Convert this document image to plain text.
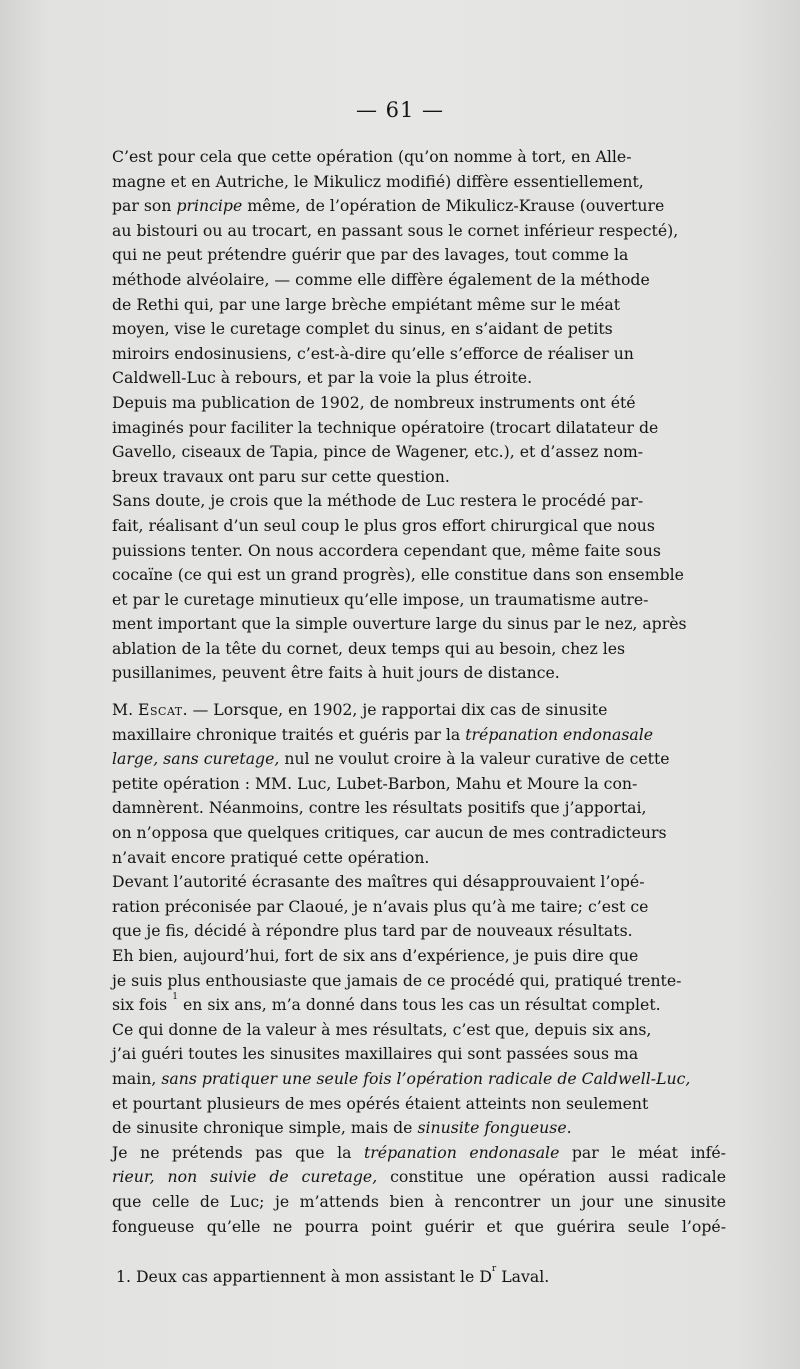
— 61 —

C’est pour cela que cette opération (qu’on nomme à tort, en Alle-
magne et en Autriche, le Mikulicz modifié) diffère essentiellement,
par son principe même, de l’opération de Mikulicz-Krause (ouverture
au bistouri ou au trocart, en passant sous le cornet inférieur respecté),
qui ne peut prétendre guérir que par des lavages, tout comme la
méthode alvéolaire, — comme elle diffère également de la méthode
de Rethi qui, par une large brèche empiétant même sur le méat
moyen, vise le curetage complet du sinus, en s’aidant de petits
miroirs endosinusiens, c’est-à-dire qu’elle s’efforce de réaliser un
Caldwell-Luc à rebours, et par la voie la plus étroite.

Depuis ma publication de 1902, de nombreux instruments ont été
imaginés pour faciliter la technique opératoire (trocart dilatateur de
Gavello, ciseaux de Tapia, pince de Wagener, etc.), et d’assez nom-
breux travaux ont paru sur cette question.

Sans doute, je crois que la méthode de Luc restera le procédé par-
fait, réalisant d’un seul coup le plus gros effort chirurgical que nous
puissions tenter. On nous accordera cependant que, même faite sous
cocaïne (ce qui est un grand progrès), elle constitue dans son ensemble
et par le curetage minutieux qu’elle impose, un traumatisme autre-
ment important que la simple ouverture large du sinus par le nez, après
ablation de la tête du cornet, deux temps qui au besoin, chez les
pusillanimes, peuvent être faits à huit jours de distance.

M. Escat. — Lorsque, en 1902, je rapportai dix cas de sinusite
maxillaire chronique traités et guéris par la trépanation endonasale
large, sans curetage, nul ne voulut croire à la valeur curative de cette
petite opération : MM. Luc, Lubet-Barbon, Mahu et Moure la con-
damnèrent. Néanmoins, contre les résultats positifs que j’apportai,
on n’opposa que quelques critiques, car aucun de mes contradicteurs
n’avait encore pratiqué cette opération.

Devant l’autorité écrasante des maîtres qui désapprouvaient l’opé-
ration préconisée par Claoué, je n’avais plus qu’à me taire; c’est ce
que je fis, décidé à répondre plus tard par de nouveaux résultats.

Eh bien, aujourd’hui, fort de six ans d’expérience, je puis dire que
je suis plus enthousiaste que jamais de ce procédé qui, pratiqué trente-
six fois $^1$ en six ans, m’a donné dans tous les cas un résultat complet.

Ce qui donne de la valeur à mes résultats, c’est que, depuis six ans,
j’ai guéri toutes les sinusites maxillaires qui sont passées sous ma
main, sans pratiquer une seule fois l’opération radicale de Caldwell-Luc,
et pourtant plusieurs de mes opérés étaient atteints non seulement
de sinusite chronique simple, mais de sinusite fongueuse.

Je ne prétends pas que la trépanation endonasale par le méat infé-
rieur, non suivie de curetage, constitue une opération aussi radicale
que celle de Luc; je m’attends bien à rencontrer un jour une sinusite
fongueuse qu’elle ne pourra point guérir et que guérira seule l’opé-

1. Deux cas appartiennent à mon assistant le $D^r$ Laval.
